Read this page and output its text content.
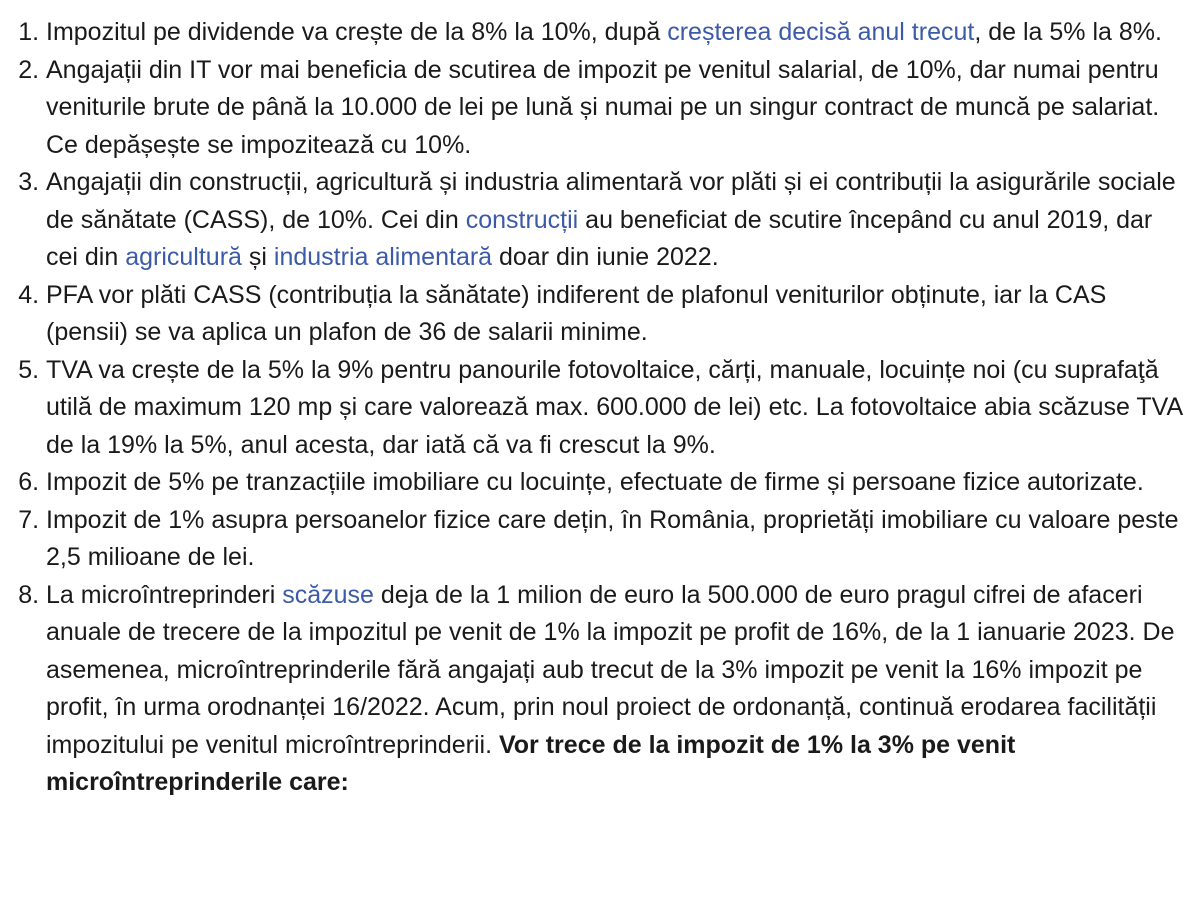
1. Impozitul pe dividende va crește de la 8% la 10%, după creșterea decisă anul trecut, de la 5% la 8%.
2. Angajații din IT vor mai beneficia de scutirea de impozit pe venitul salarial, de 10%, dar numai pentru veniturile brute de până la 10.000 de lei pe lună și numai pe un singur contract de muncă pe salariat. Ce depășește se impozitează cu 10%.
3. Angajații din construcții, agricultură și industria alimentară vor plăti și ei contribuții la asigurările sociale de sănătate (CASS), de 10%. Cei din construcții au beneficiat de scutire începând cu anul 2019, dar cei din agricultură și industria alimentară doar din iunie 2022.
4. PFA vor plăti CASS (contribuția la sănătate) indiferent de plafonul veniturilor obținute, iar la CAS (pensii) se va aplica un plafon de 36 de salarii minime.
5. TVA va crește de la 5% la 9% pentru panourile fotovoltaice, cărți, manuale, locuințe noi (cu suprafaţă utilă de maximum 120 mp și care valorează max. 600.000 de lei) etc. La fotovoltaice abia scăzuse TVA de la 19% la 5%, anul acesta, dar iată că va fi crescut la 9%.
6. Impozit de 5% pe tranzacțiile imobiliare cu locuințe, efectuate de firme și persoane fizice autorizate.
7. Impozit de 1% asupra persoanelor fizice care dețin, în România, proprietăți imobiliare cu valoare peste 2,5 milioane de lei.
8. La microîntreprinderi scăzuse deja de la 1 milion de euro la 500.000 de euro pragul cifrei de afaceri anuale de trecere de la impozitul pe venit de 1% la impozit pe profit de 16%, de la 1 ianuarie 2023. De asemenea, microîntreprinderile fără angajați aub trecut de la 3% impozit pe venit la 16% impozit pe profit, în urma orodnanței 16/2022. Acum, prin noul proiect de ordonanță, continuă erodarea facilității impozitului pe venitul microîntreprinderii. Vor trece de la impozit de 1% la 3% pe venit microîntreprinderile care:
